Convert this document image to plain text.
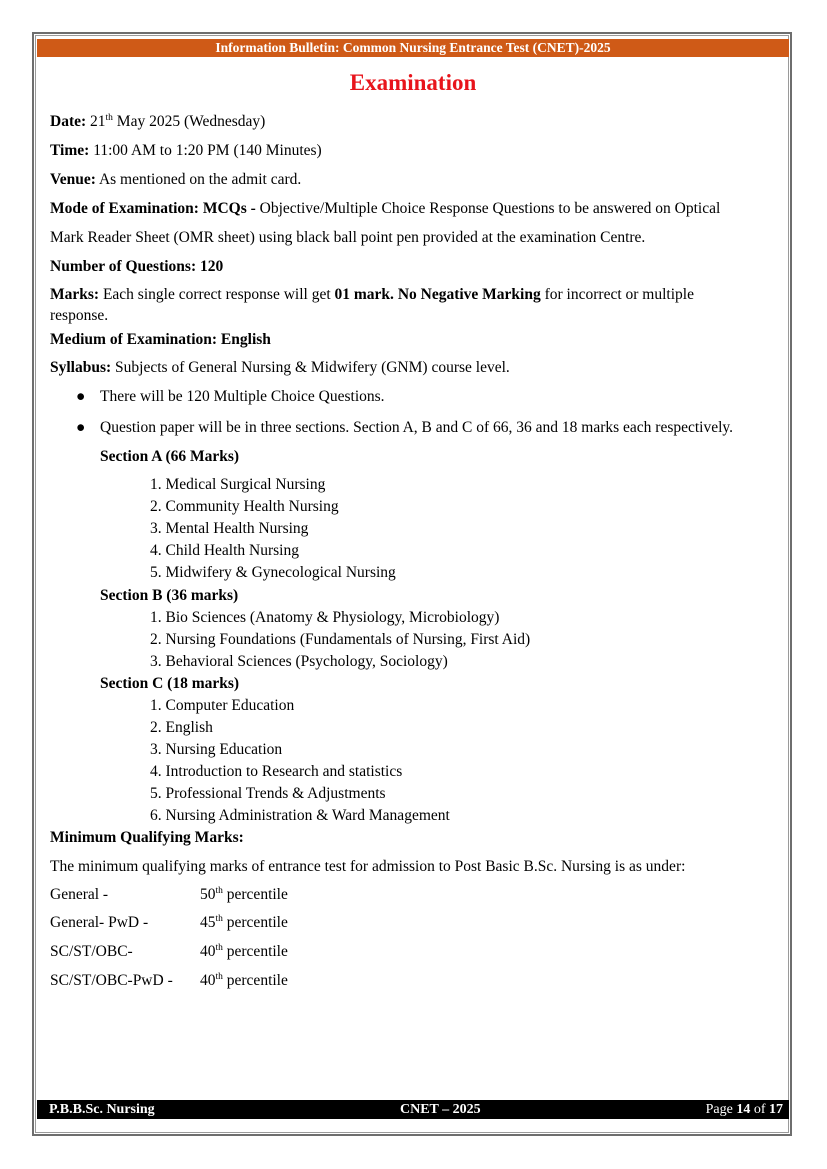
Information Bulletin: Common Nursing Entrance Test (CNET)-2025
Examination
Date: 21th May 2025 (Wednesday)
Time: 11:00 AM to 1:20 PM (140 Minutes)
Venue: As mentioned on the admit card.
Mode of Examination: MCQs - Objective/Multiple Choice Response Questions to be answered on Optical
Mark Reader Sheet (OMR sheet) using black ball point pen provided at the examination Centre.
Number of Questions: 120
Marks: Each single correct response will get 01 mark. No Negative Marking for incorrect or multiple
response.
Medium of Examination: English
Syllabus: Subjects of General Nursing & Midwifery (GNM) course level.
● There will be 120 Multiple Choice Questions.
● Question paper will be in three sections. Section A, B and C of 66, 36 and 18 marks each respectively.
Section A (66 Marks)
1. Medical Surgical Nursing
2. Community Health Nursing
3. Mental Health Nursing
4. Child Health Nursing
5. Midwifery & Gynecological Nursing
Section B (36 marks)
1. Bio Sciences (Anatomy & Physiology, Microbiology)
2. Nursing Foundations (Fundamentals of Nursing, First Aid)
3. Behavioral Sciences (Psychology, Sociology)
Section C (18 marks)
1. Computer Education
2. English
3. Nursing Education
4. Introduction to Research and statistics
5. Professional Trends & Adjustments
6. Nursing Administration & Ward Management
Minimum Qualifying Marks:
The minimum qualifying marks of entrance test for admission to Post Basic B.Sc. Nursing is as under:
General -	50th percentile
General- PwD -	45th percentile
SC/ST/OBC-	40th percentile
SC/ST/OBC-PwD - 40th percentile
P.B.B.Sc. Nursing	CNET – 2025	Page 14 of 17
